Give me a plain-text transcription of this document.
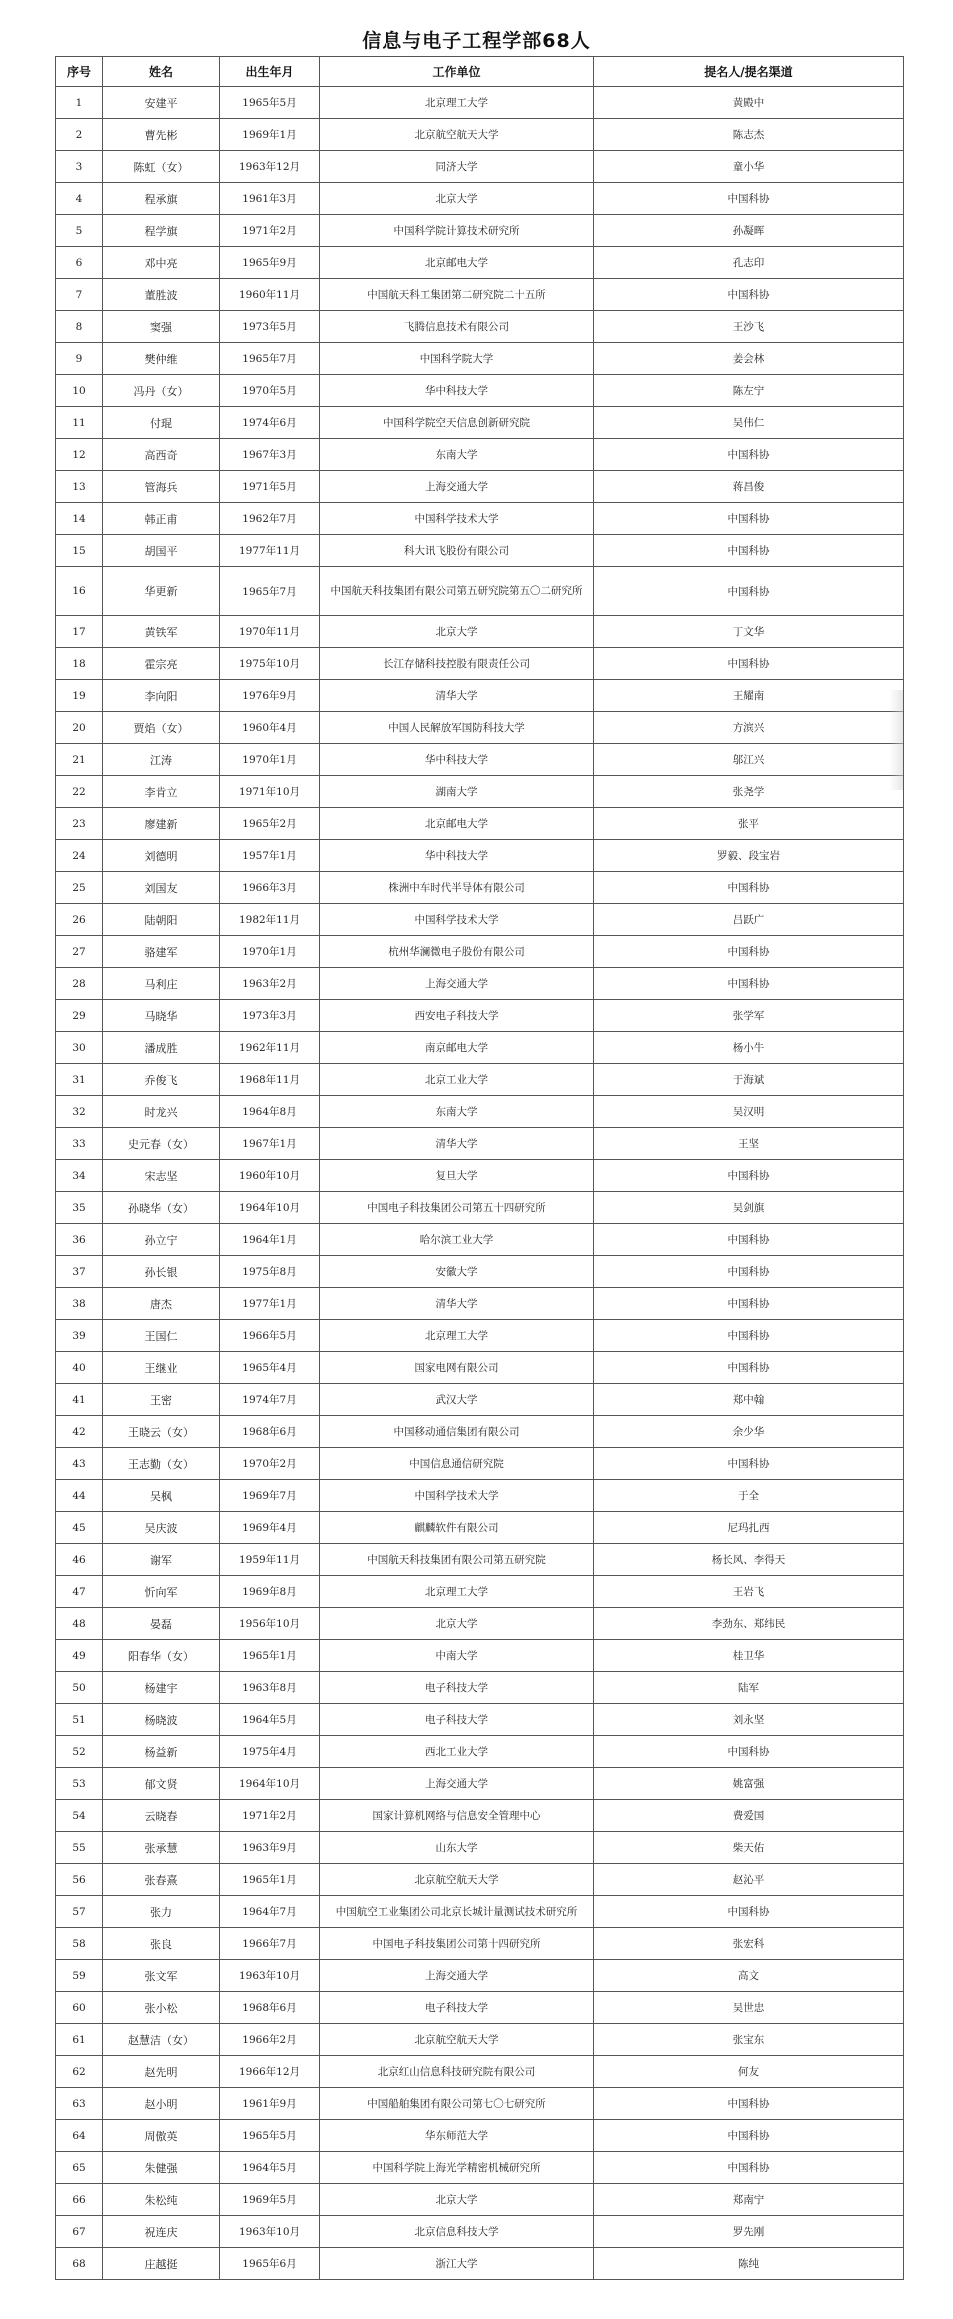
信息与电子工程学部68人
序号	姓名	出生年月	工作单位	提名人/提名渠道
1	安建平	1965年5月	北京理工大学	黄殿中
2	曹先彬	1969年1月	北京航空航天大学	陈志杰
3	陈虹（女）	1963年12月	同济大学	童小华
4	程承旗	1961年3月	北京大学	中国科协
5	程学旗	1971年2月	中国科学院计算技术研究所	孙凝晖
6	邓中亮	1965年9月	北京邮电大学	孔志印
7	董胜波	1960年11月	中国航天科工集团第二研究院二十五所	中国科协
8	窦强	1973年5月	飞腾信息技术有限公司	王沙飞
9	樊仲维	1965年7月	中国科学院大学	姜会林
10	冯丹（女）	1970年5月	华中科技大学	陈左宁
11	付琨	1974年6月	中国科学院空天信息创新研究院	吴伟仁
12	高西奇	1967年3月	东南大学	中国科协
13	管海兵	1971年5月	上海交通大学	蒋昌俊
14	韩正甫	1962年7月	中国科学技术大学	中国科协
15	胡国平	1977年11月	科大讯飞股份有限公司	中国科协
16	华更新	1965年7月	中国航天科技集团有限公司第五研究院第五〇二研究所	中国科协
17	黄铁军	1970年11月	北京大学	丁文华
18	霍宗亮	1975年10月	长江存储科技控股有限责任公司	中国科协
19	李向阳	1976年9月	清华大学	王耀南
20	贾焰（女）	1960年4月	中国人民解放军国防科技大学	方滨兴
21	江涛	1970年1月	华中科技大学	邬江兴
22	李肯立	1971年10月	湖南大学	张尧学
23	廖建新	1965年2月	北京邮电大学	张平
24	刘德明	1957年1月	华中科技大学	罗毅、段宝岩
25	刘国友	1966年3月	株洲中车时代半导体有限公司	中国科协
26	陆朝阳	1982年11月	中国科学技术大学	吕跃广
27	骆建军	1970年1月	杭州华澜微电子股份有限公司	中国科协
28	马利庄	1963年2月	上海交通大学	中国科协
29	马晓华	1973年3月	西安电子科技大学	张学军
30	潘成胜	1962年11月	南京邮电大学	杨小牛
31	乔俊飞	1968年11月	北京工业大学	于海斌
32	时龙兴	1964年8月	东南大学	吴汉明
33	史元春（女）	1967年1月	清华大学	王坚
34	宋志坚	1960年10月	复旦大学	中国科协
35	孙晓华（女）	1964年10月	中国电子科技集团公司第五十四研究所	吴剑旗
36	孙立宁	1964年1月	哈尔滨工业大学	中国科协
37	孙长银	1975年8月	安徽大学	中国科协
38	唐杰	1977年1月	清华大学	中国科协
39	王国仁	1966年5月	北京理工大学	中国科协
40	王继业	1965年4月	国家电网有限公司	中国科协
41	王密	1974年7月	武汉大学	郑中翰
42	王晓云（女）	1968年6月	中国移动通信集团有限公司	余少华
43	王志勤（女）	1970年2月	中国信息通信研究院	中国科协
44	吴枫	1969年7月	中国科学技术大学	于全
45	吴庆波	1969年4月	麒麟软件有限公司	尼玛扎西
46	谢军	1959年11月	中国航天科技集团有限公司第五研究院	杨长风、李得天
47	忻向军	1969年8月	北京理工大学	王岩飞
48	晏磊	1956年10月	北京大学	李劲东、郑纬民
49	阳春华（女）	1965年1月	中南大学	桂卫华
50	杨建宇	1963年8月	电子科技大学	陆军
51	杨晓波	1964年5月	电子科技大学	刘永坚
52	杨益新	1975年4月	西北工业大学	中国科协
53	郁文贤	1964年10月	上海交通大学	姚富强
54	云晓春	1971年2月	国家计算机网络与信息安全管理中心	费爱国
55	张承慧	1963年9月	山东大学	柴天佑
56	张春熹	1965年1月	北京航空航天大学	赵沁平
57	张力	1964年7月	中国航空工业集团公司北京长城计量测试技术研究所	中国科协
58	张良	1966年7月	中国电子科技集团公司第十四研究所	张宏科
59	张文军	1963年10月	上海交通大学	高文
60	张小松	1968年6月	电子科技大学	吴世忠
61	赵慧洁（女）	1966年2月	北京航空航天大学	张宝东
62	赵先明	1966年12月	北京红山信息科技研究院有限公司	何友
63	赵小明	1961年9月	中国船舶集团有限公司第七〇七研究所	中国科协
64	周傲英	1965年5月	华东师范大学	中国科协
65	朱健强	1964年5月	中国科学院上海光学精密机械研究所	中国科协
66	朱松纯	1969年5月	北京大学	郑南宁
67	祝连庆	1963年10月	北京信息科技大学	罗先刚
68	庄越挺	1965年6月	浙江大学	陈纯
